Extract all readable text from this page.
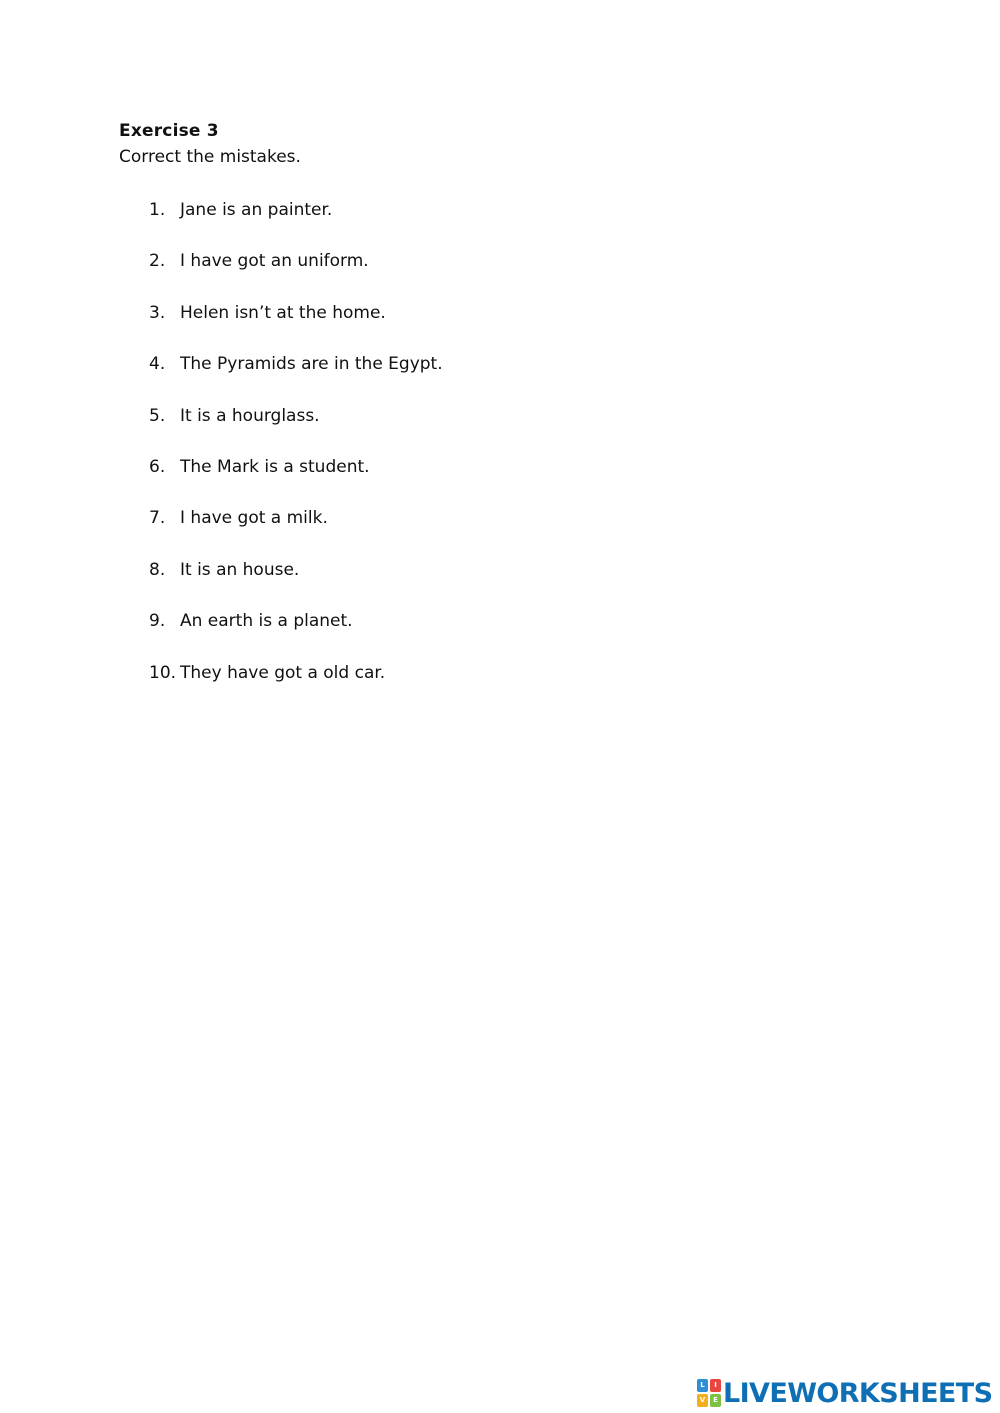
Exercise 3
Correct the mistakes.
1. Jane is an painter.
2. I have got an uniform.
3. Helen isn’t at the home.
4. The Pyramids are in the Egypt.
5. It is a hourglass.
6. The Mark is a student.
7. I have got a milk.
8. It is an house.
9. An earth is a planet.
10. They have got a old car.
L	I
V	E LIVEWORKSHEETS
